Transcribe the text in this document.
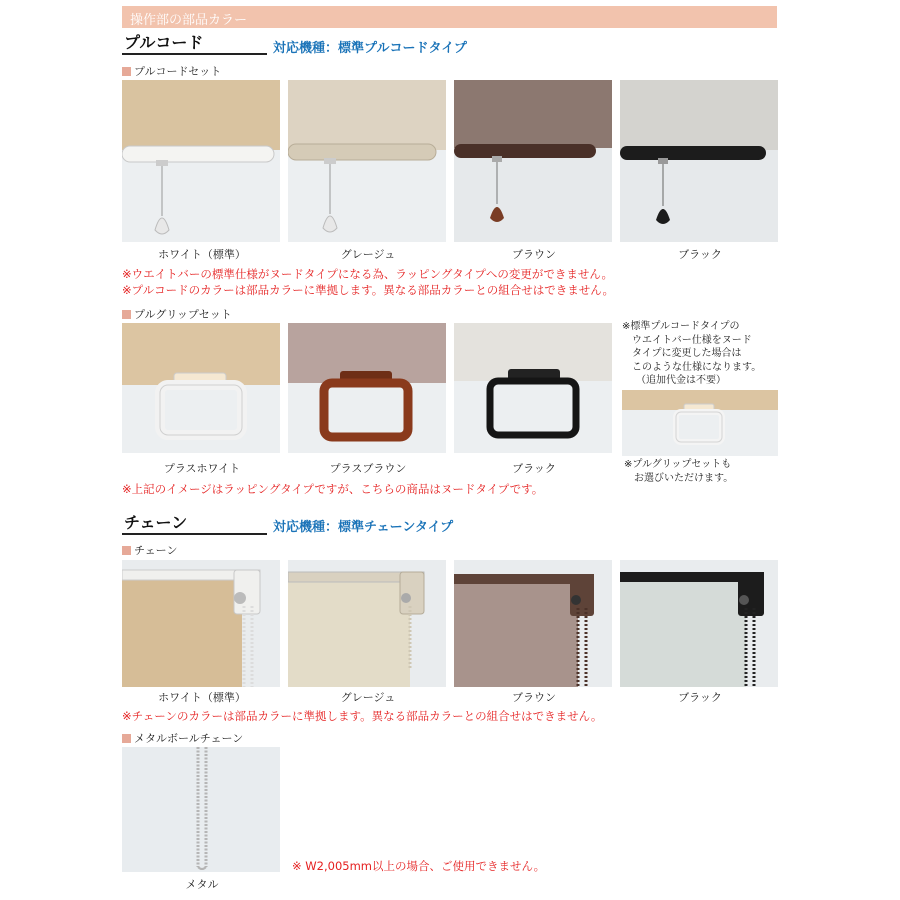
操作部の部品カラー
プルコード	対応機種：標準プルコードタイプ
プルコードセット
ホワイト（標準）	グレージュ	ブラウン	ブラック
※ウエイトバーの標準仕様がヌードタイプになる為、ラッピングタイプへの変更ができません。
※プルコードのカラーは部品カラーに準拠します。異なる部品カラーとの組合せはできません。
プルグリップセット
※標準プルコードタイプの
ウエイトバー仕様をヌード
タイプに変更した場合は
このような仕様になります。
（追加代金は不要）
※プルグリップセットも
お選びいただけます。
プラスホワイト	プラスブラウン	ブラック
※上記のイメージはラッピングタイプですが、こちらの商品はヌードタイプです。
チェーン	対応機種：標準チェーンタイプ
チェーン
ホワイト（標準）	グレージュ	ブラウン	ブラック
※チェーンのカラーは部品カラーに準拠します。異なる部品カラーとの組合せはできません。
メタルボールチェーン
メタル
※ W2,005mm以上の場合、ご使用できません。
